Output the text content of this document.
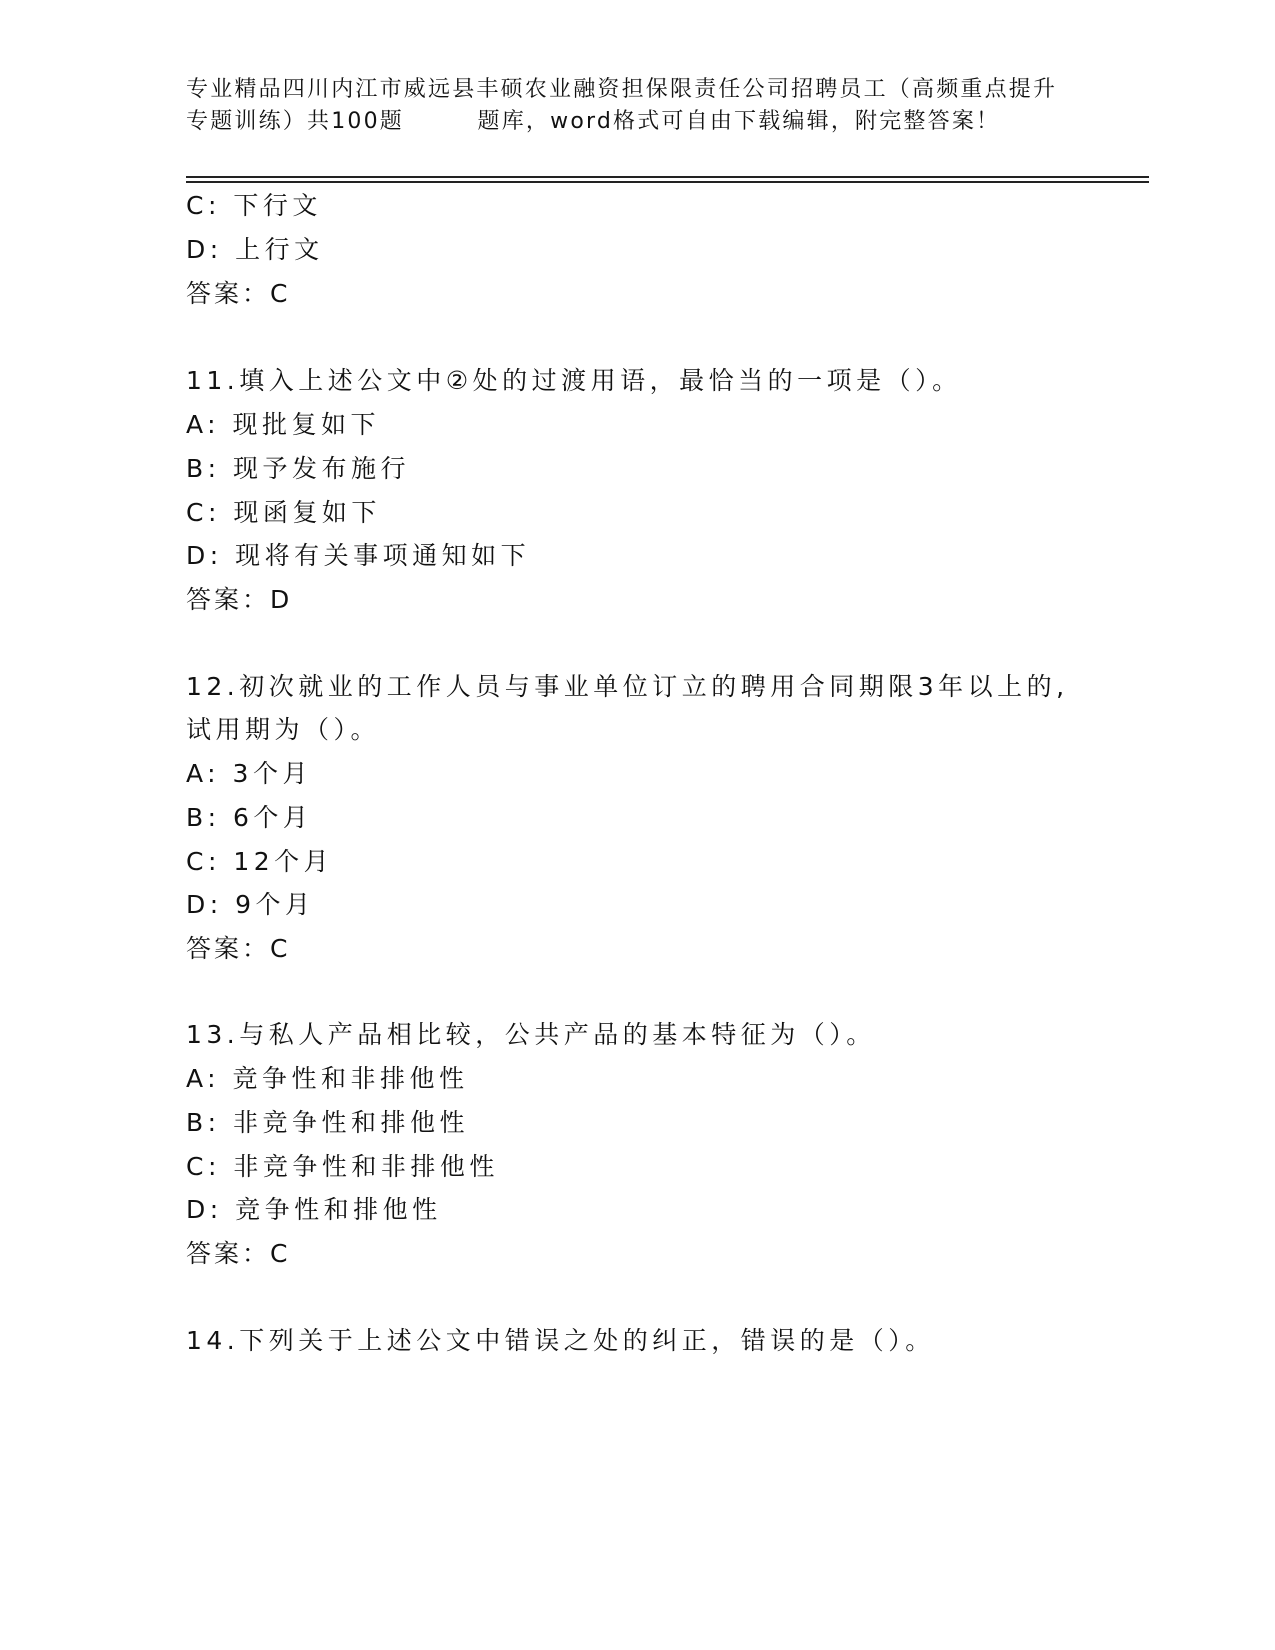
专业精品四川内江市威远县丰硕农业融资担保限责任公司招聘员工（高频重点提升
专题训练）共100题        题库，word格式可自由下载编辑，附完整答案！
C: 下行文
D: 上行文
答案：C
11.填入上述公文中②处的过渡用语，最恰当的一项是（）。
A: 现批复如下
B: 现予发布施行
C: 现函复如下
D: 现将有关事项通知如下
答案：D
12.初次就业的工作人员与事业单位订立的聘用合同期限3年以上的,
试用期为（）。
A: 3个月
B: 6个月
C: 12个月
D: 9个月
答案：C
13.与私人产品相比较，公共产品的基本特征为（）。
A: 竞争性和非排他性
B: 非竞争性和排他性
C: 非竞争性和非排他性
D: 竞争性和排他性
答案：C
14.下列关于上述公文中错误之处的纠正，错误的是（）。
